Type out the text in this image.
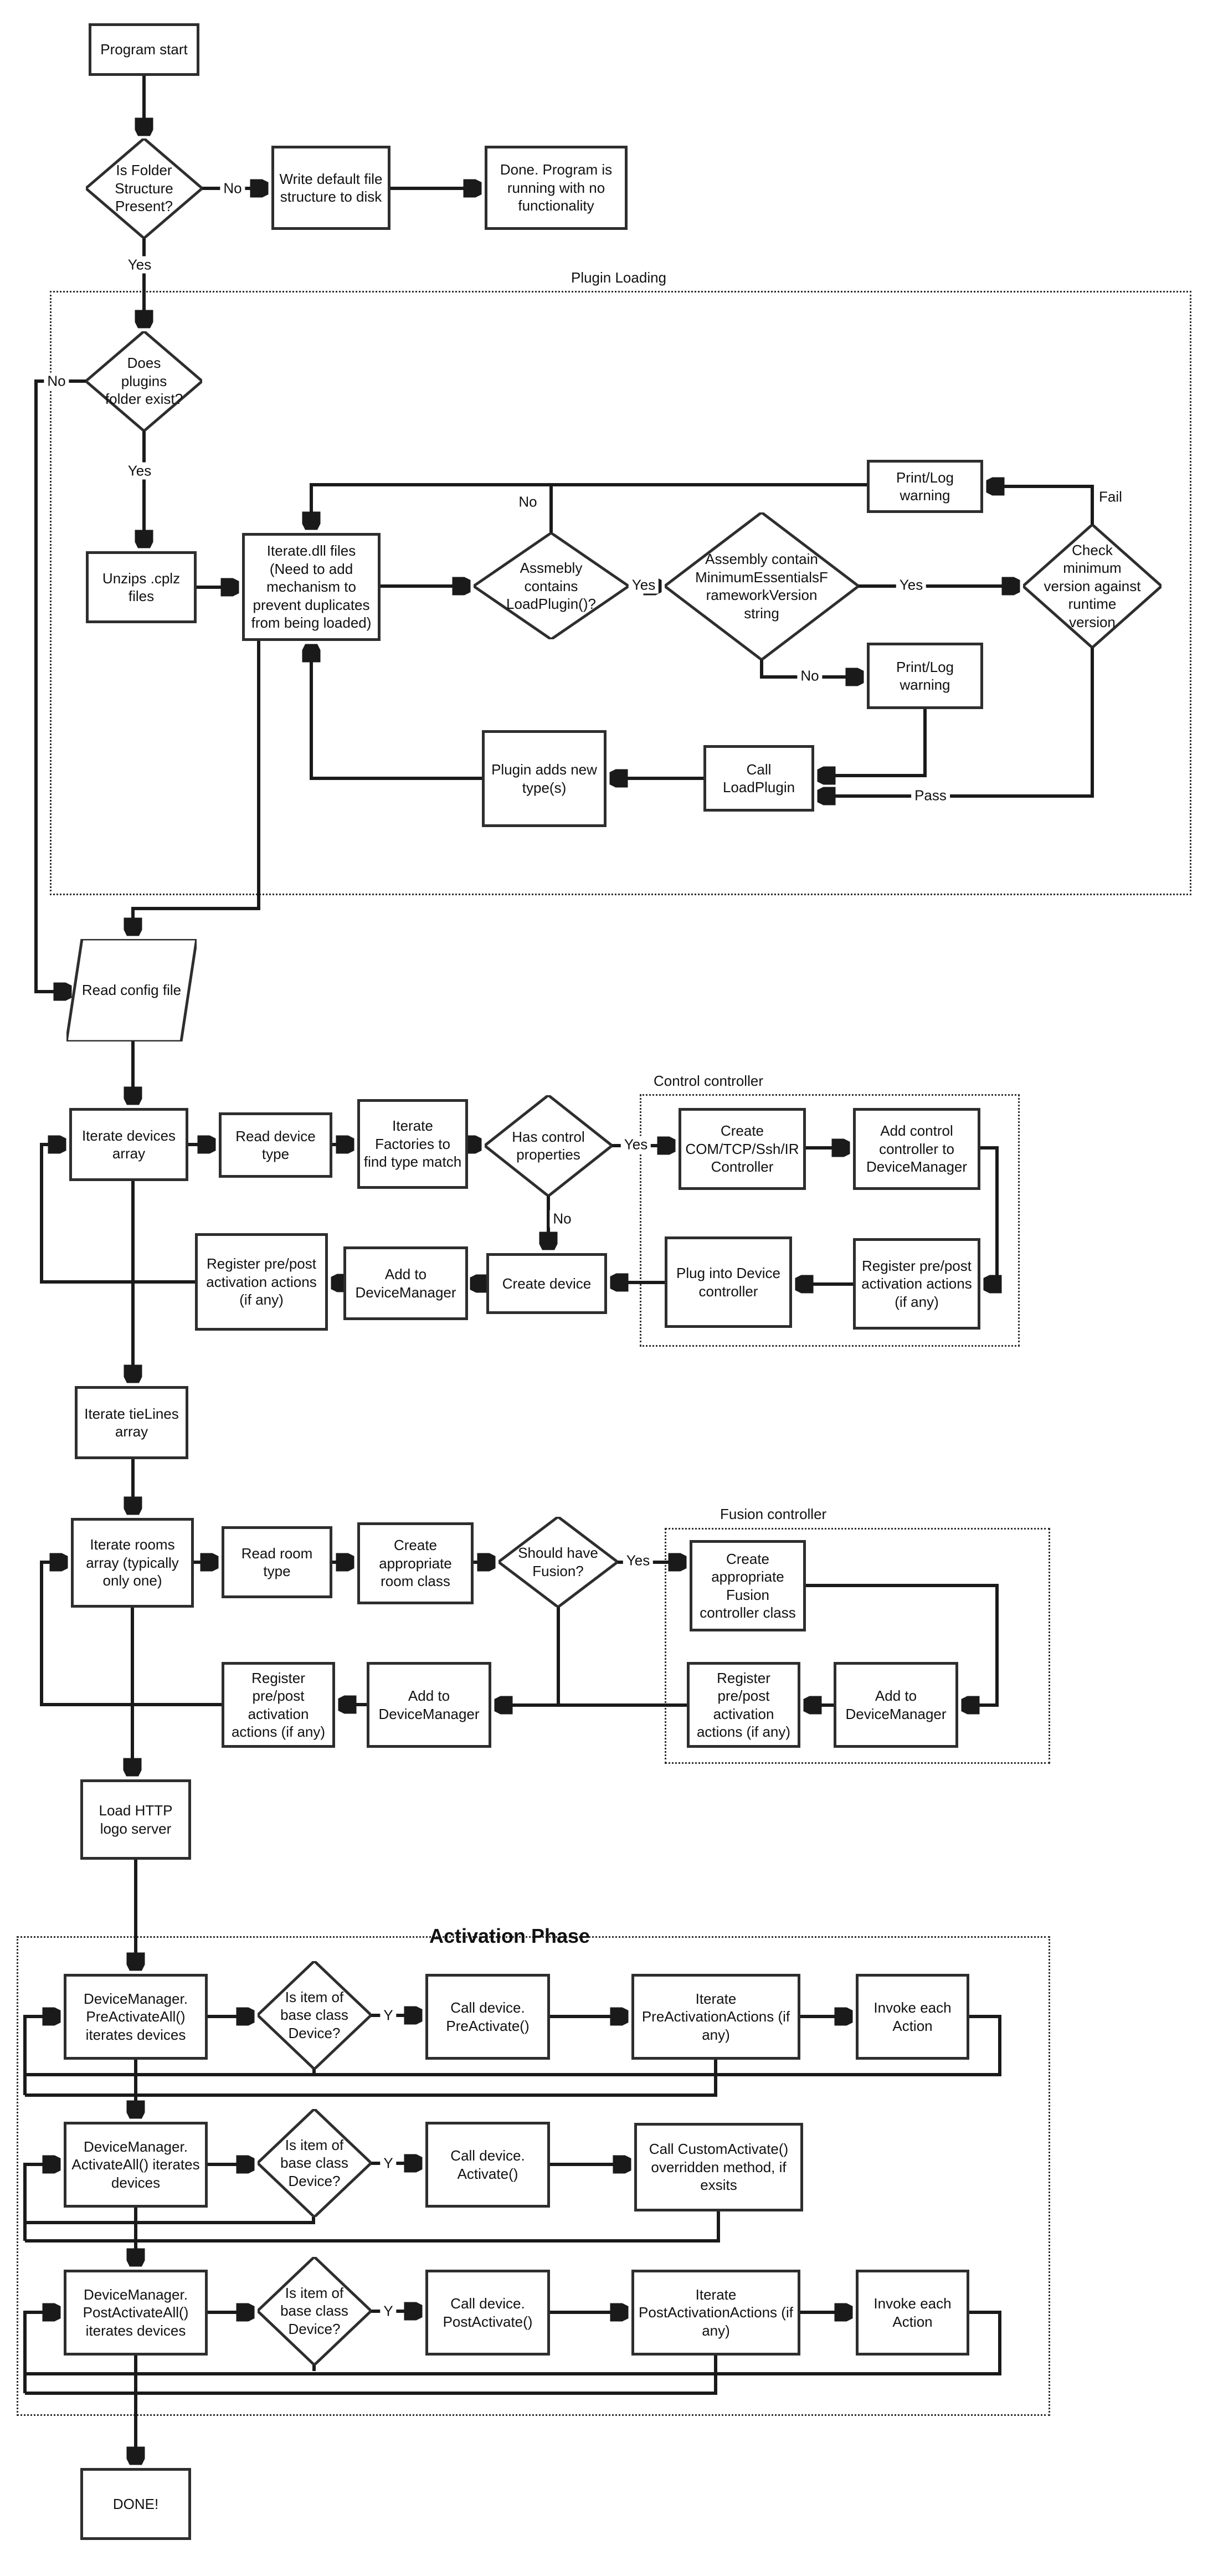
Plugin Loading
Control controller
Fusion controller
Activation Phase
Program start
Write default file structure to disk
Done. Program is running with no functionality
Unzips .cplz files
Iterate.dll files (Need to add mechanism to prevent duplicates from being loaded)
Print/Log warning
Print/Log warning
Call LoadPlugin
Plugin adds new type(s)
Iterate devices array
Read device type
Iterate Factories to find type match
Create COM/TCP/Ssh/IR Controller
Add control controller to DeviceManager
Register pre/post activation actions (if any)
Plug into Device controller
Create device
Add to DeviceManager
Register pre/post activation actions (if any)
Iterate tieLines array
Iterate rooms array (typically only one)
Read room type
Create appropriate room class
Create appropriate Fusion controller class
Register pre/post activation actions (if any)
Add to DeviceManager
Add to DeviceManager
Register pre/post activation actions (if any)
Load HTTP logo server
DeviceManager. PreActivateAll() iterates devices
Call device. PreActivate()
Iterate PreActivationActions (if any)
Invoke each Action
DeviceManager. ActivateAll() iterates devices
Call device. Activate()
Call CustomActivate() overridden method, if exsits
DeviceManager. PostActivateAll() iterates devices
Call device. PostActivate()
Iterate PostActivationActions (if any)
Invoke each Action
DONE!
Is Folder Structure Present?
Does plugins folder exist?
Assmebly contains LoadPlugin()?
Assembly contain MinimumEssentialsFrameworkVersion string
Check minimum version against runtime version
Has control properties
Should have Fusion?
Is item of base class Device?
Is item of base class Device?
Is item of base class Device?
Read config file
No
Yes
No
Yes
No
Yes	Yes
No
Fail
Pass
Yes
No
Yes
Y
Y
Y
